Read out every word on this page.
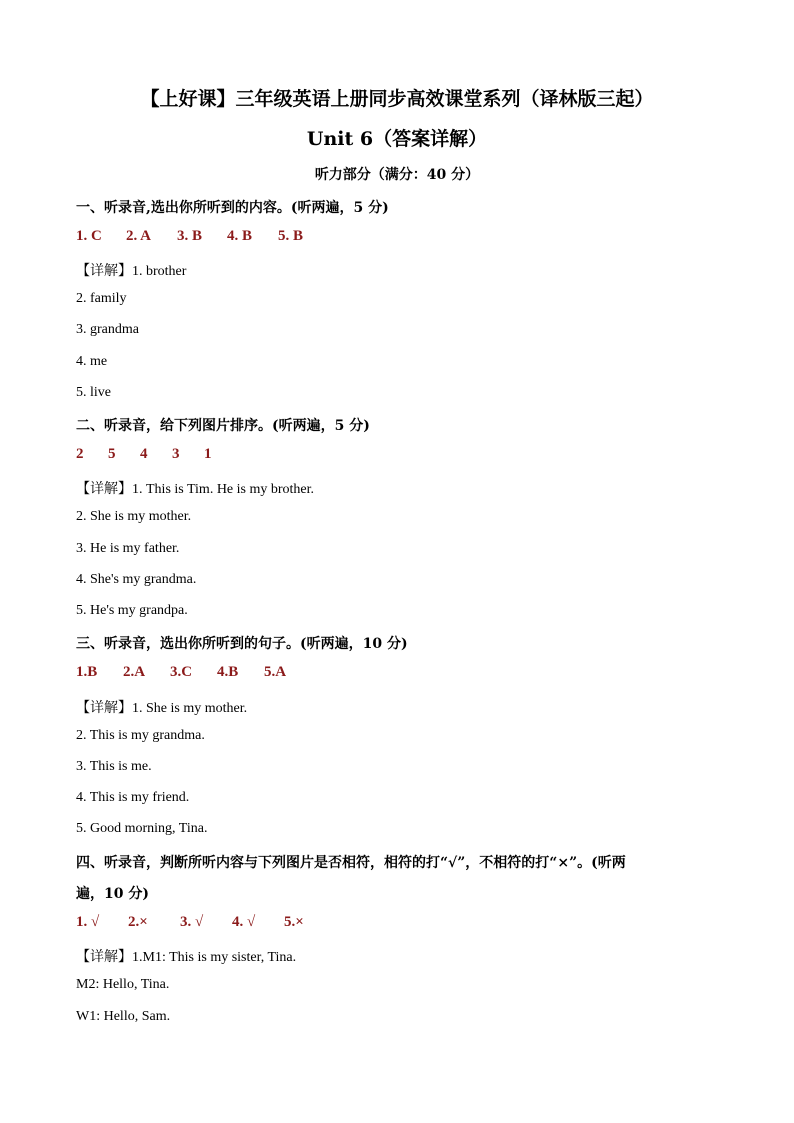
【上好课】三年级英语上册同步高效课堂系列（译林版三起）
Unit 6（答案详解）
听力部分（满分：40 分）
一、听录音,选出你所听到的内容。(听两遍，5 分)
1. C 2. A 3. B 4. B 5. B
【详解】1. brother
2. family
3. grandma
4. me
5. live
二、听录音，给下列图片排序。(听两遍，5 分)
2 5 4 3 1
【详解】1. This is Tim. He is my brother.
2. She is my mother.
3. He is my father.
4. She's my grandma.
5. He's my grandpa.
三、听录音，选出你所听到的句子。(听两遍，10 分)
1.B 2.A 3.C 4.B 5.A
【详解】1. She is my mother.
2. This is my grandma.
3. This is me.
4. This is my friend.
5. Good morning, Tina.
四、听录音，判断所听内容与下列图片是否相符，相符的打“√”，不相符的打“×”。(听两
遍，10 分)
1. √ 2.× 3. √ 4. √ 5.×
【详解】1.M1: This is my sister, Tina.
M2: Hello, Tina.
W1: Hello, Sam.
